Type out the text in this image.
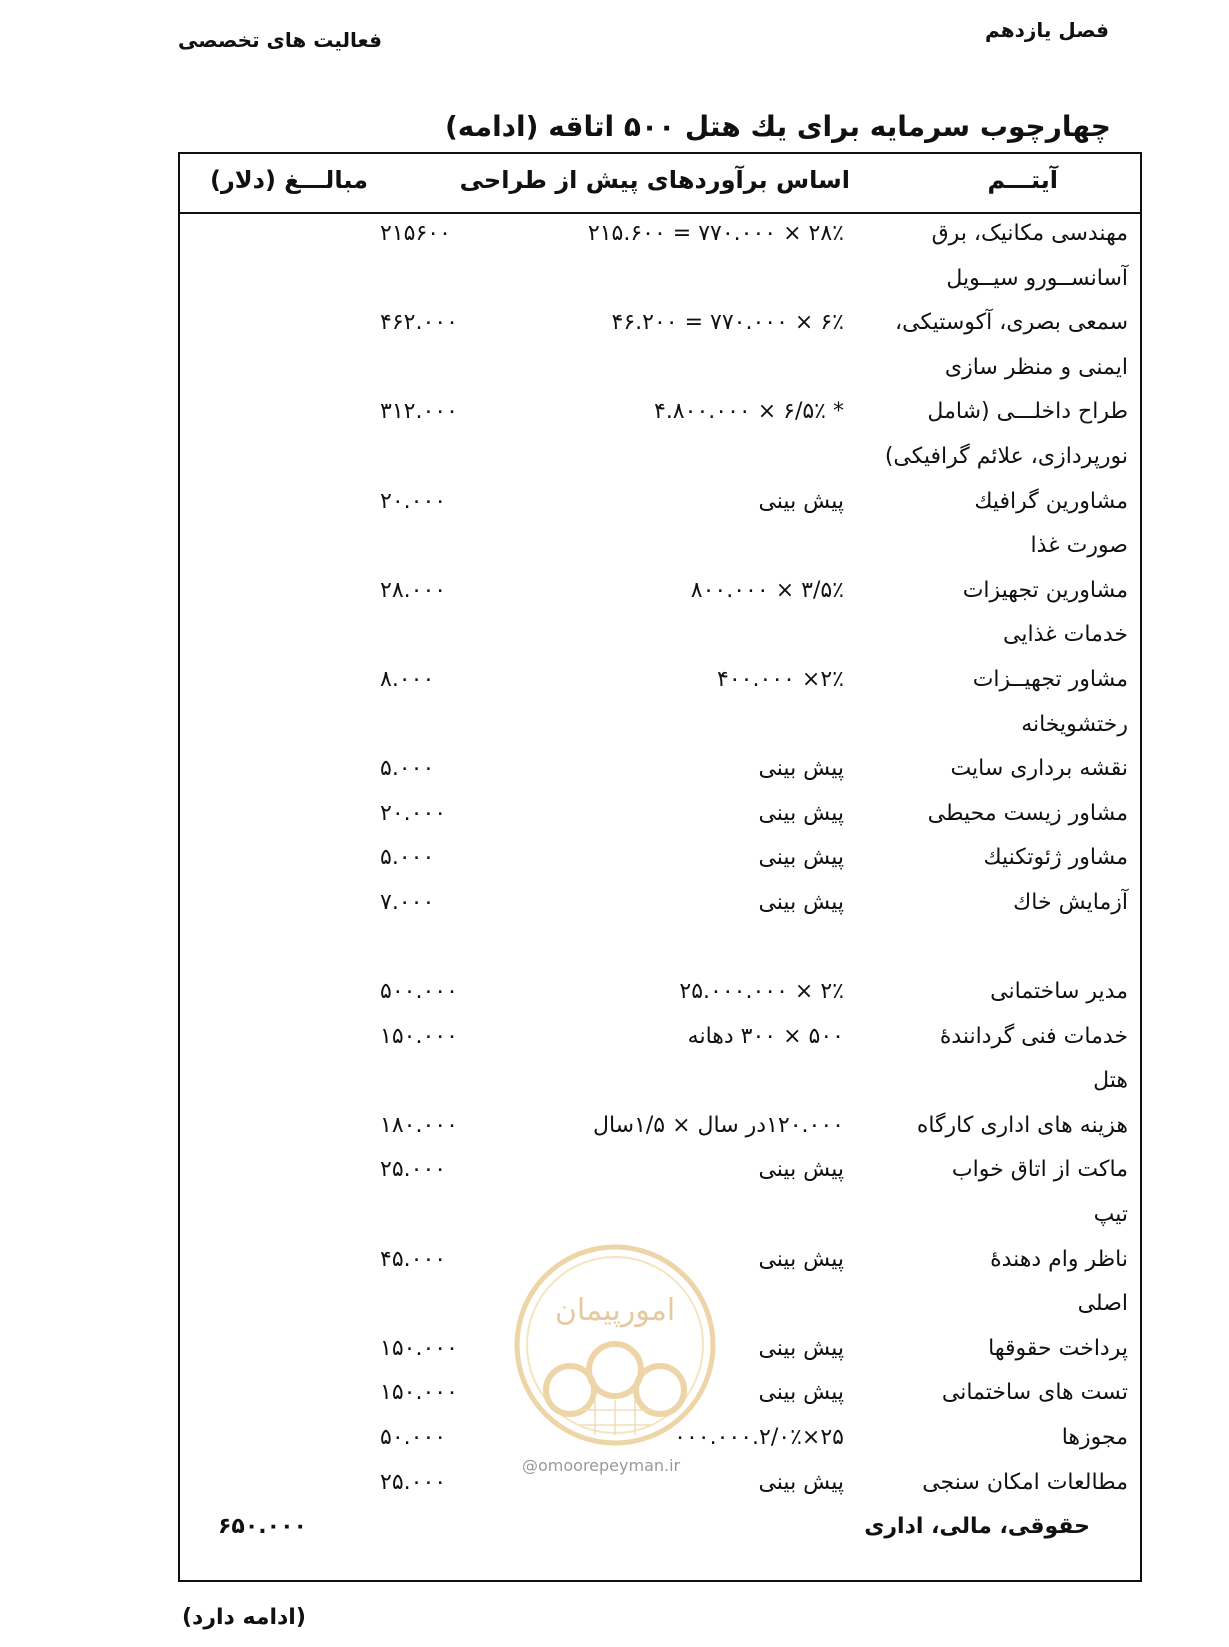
فصل یازدهم
فعالیت های تخصصی
چهارچوب سرمایه برای یك هتل ۵۰۰ اتاقه (ادامه)
آیتـــم
اساس برآوردهای پیش از طراحی
مبالـــغ (دلار)
مهندسی مکانیک، برق
۲۸٪ × ۷۷۰.۰۰۰ = ۲۱۵.۶۰۰
۲۱۵۶۰۰
آسانســورو سیــویل
سمعی بصری، آکوستیکی،
۶٪ × ۷۷۰.۰۰۰ = ۴۶.۲۰۰
۴۶۲.۰۰۰
ایمنی و منظر سازی
طراح داخلـــی (شامل
* ۶/۵٪ × ۴.۸۰۰.۰۰۰
۳۱۲.۰۰۰
نورپردازی، علائم گرافیکی)
مشاورین گرافیك
پیش بینی
۲۰.۰۰۰
صورت غذا
مشاورین تجهیزات
۳/۵٪ × ۸۰۰.۰۰۰
۲۸.۰۰۰
خدمات غذایی
مشاور تجهیــزات
۲٪× ۴۰۰.۰۰۰
۸.۰۰۰
رختشویخانه
نقشه برداری سایت
پیش بینی
۵.۰۰۰
مشاور زیست محیطی
پیش بینی
۲۰.۰۰۰
مشاور ژئوتکنیك
پیش بینی
۵.۰۰۰
آزمایش خاك
پیش بینی
۷.۰۰۰
مدیر ساختمانی
۲٪ × ۲۵.۰۰۰.۰۰۰
۵۰۰.۰۰۰
خدمات فنی گردانندهٔ
۵۰۰ × ۳۰۰ دهانه
۱۵۰.۰۰۰
هتل
هزینه های اداری کارگاه
۱۲۰.۰۰۰در سال × ۱/۵سال
۱۸۰.۰۰۰
ماکت از اتاق خواب
پیش بینی
۲۵.۰۰۰
تیپ
ناظر وام دهندهٔ
پیش بینی
۴۵.۰۰۰
اصلی
پرداخت حقوقها
پیش بینی
۱۵۰.۰۰۰
تست های ساختمانی
پیش بینی
۱۵۰.۰۰۰
مجوزها
۲۵×۲/۰٪.۰۰۰.۰۰۰
۵۰.۰۰۰
مطالعات امکان سنجی
پیش بینی
۲۵.۰۰۰
حقوقی، مالی، اداری
۶۵۰.۰۰۰
امورپیمان
@omoorepeyman.ir
(ادامه دارد)
